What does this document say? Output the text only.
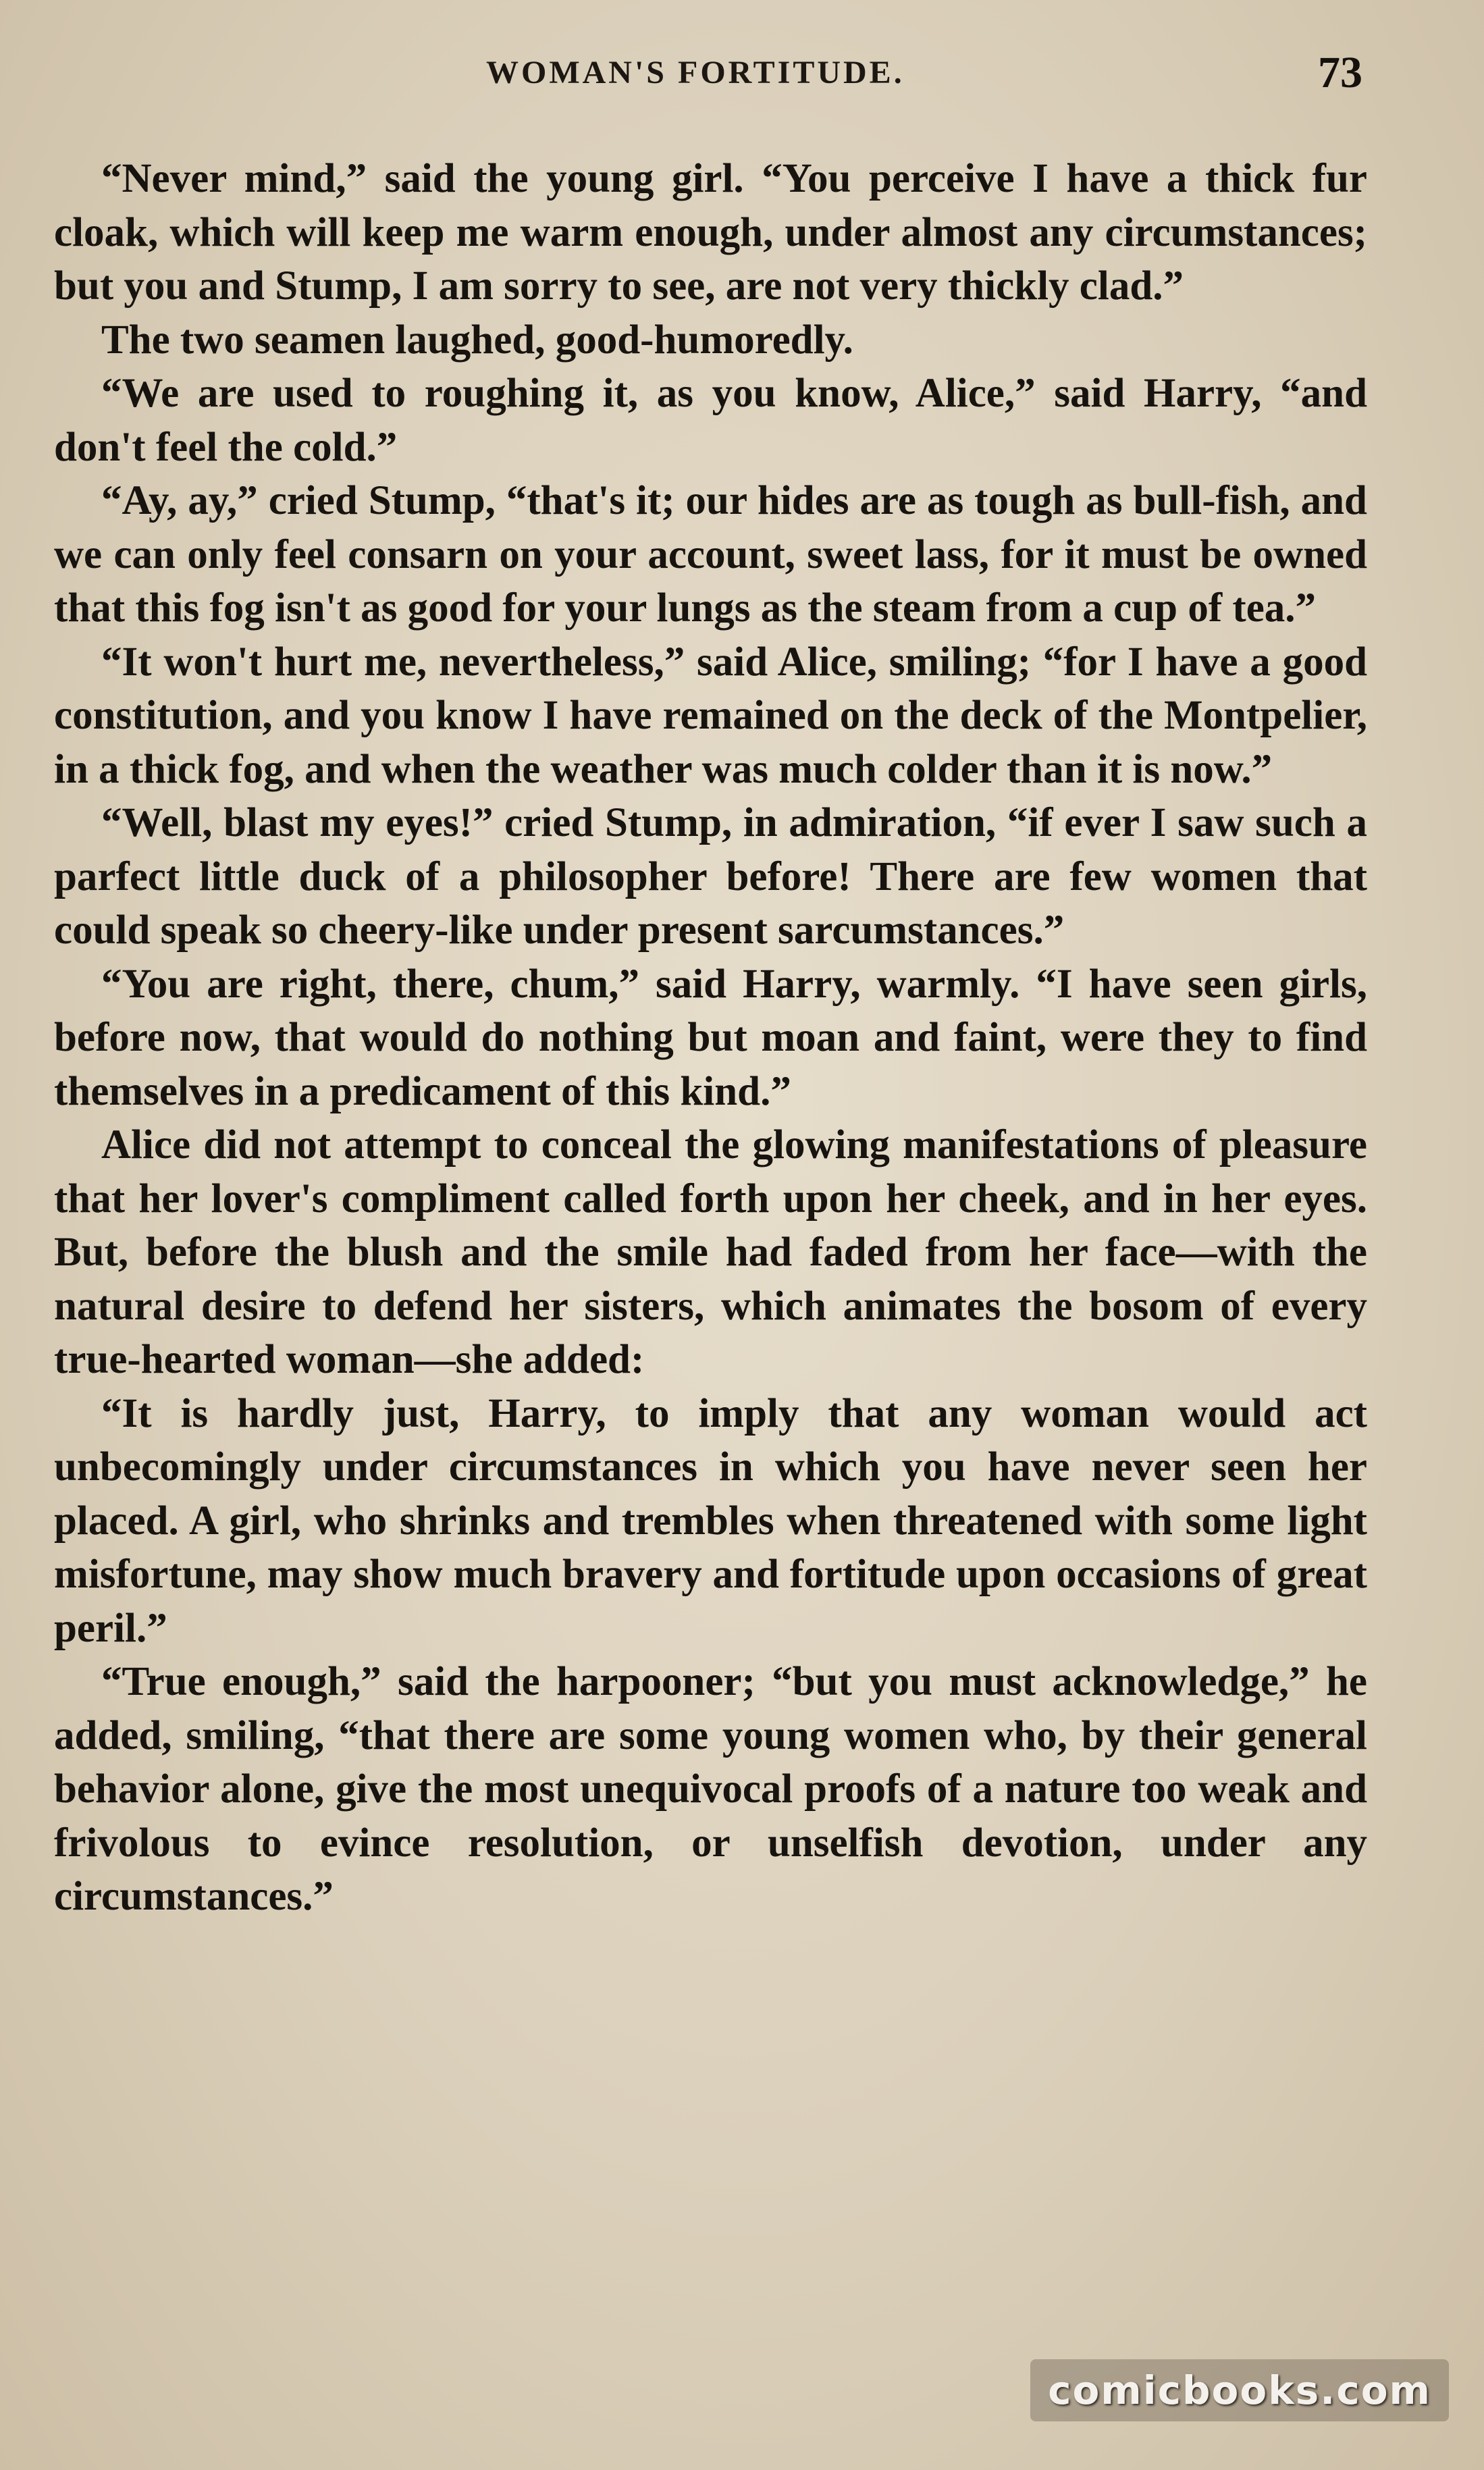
WOMAN'S FORTITUDE.	73

“Never mind,” said the young girl. “You perceive I have a thick fur cloak, which will keep me warm enough, under almost any circumstances; but you and Stump, I am sorry to see, are not very thickly clad.”

The two seamen laughed, good-humoredly.

“We are used to roughing it, as you know, Alice,” said Harry, “and don't feel the cold.”

“Ay, ay,” cried Stump, “that's it; our hides are as tough as bull-fish, and we can only feel consarn on your account, sweet lass, for it must be owned that this fog isn't as good for your lungs as the steam from a cup of tea.”

“It won't hurt me, nevertheless,” said Alice, smiling; “for I have a good constitution, and you know I have remained on the deck of the Montpelier, in a thick fog, and when the weather was much colder than it is now.”

“Well, blast my eyes!” cried Stump, in admiration, “if ever I saw such a parfect little duck of a philosopher before! There are few women that could speak so cheery-like under present sarcumstances.”

“You are right, there, chum,” said Harry, warmly. “I have seen girls, before now, that would do nothing but moan and faint, were they to find themselves in a predicament of this kind.”

Alice did not attempt to conceal the glowing manifestations of pleasure that her lover's compliment called forth upon her cheek, and in her eyes. But, before the blush and the smile had faded from her face—with the natural desire to defend her sisters, which animates the bosom of every true-hearted woman—she added:

“It is hardly just, Harry, to imply that any woman would act unbecomingly under circumstances in which you have never seen her placed. A girl, who shrinks and trembles when threatened with some light misfortune, may show much bravery and fortitude upon occasions of great peril.”

“True enough,” said the harpooner; “but you must acknowledge,” he added, smiling, “that there are some young women who, by their general behavior alone, give the most unequivocal proofs of a nature too weak and frivolous to evince resolution, or unselfish devotion, under any circumstances.”

comicbooks.com
